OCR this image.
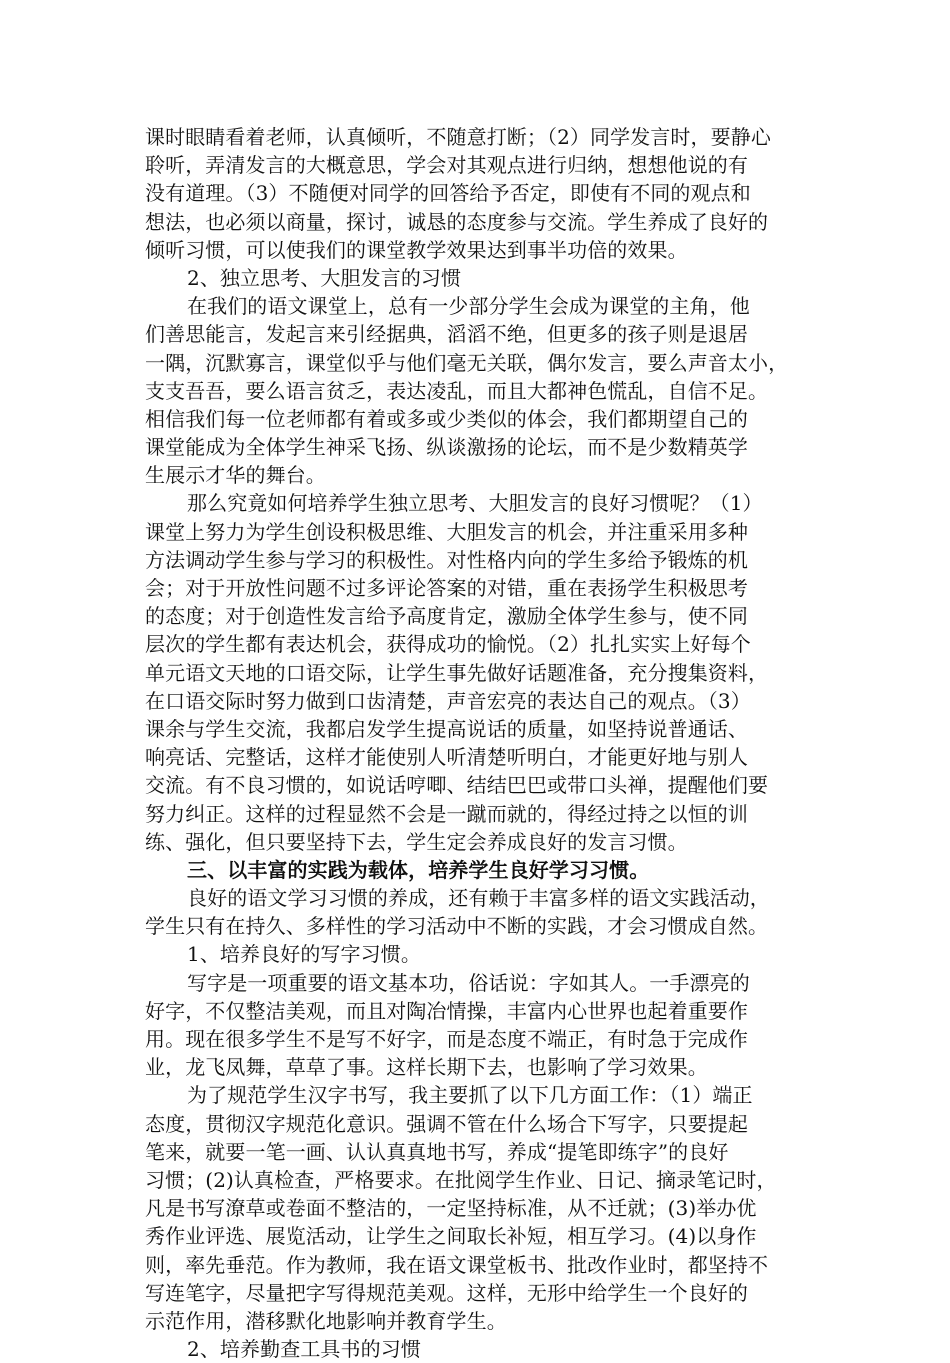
课时眼睛看着老师，认真倾听，不随意打断；（2）同学发言时，要静心
聆听，弄清发言的大概意思，学会对其观点进行归纳，想想他说的有
没有道理。（3）不随便对同学的回答给予否定，即使有不同的观点和
想法，也必须以商量，探讨，诚恳的态度参与交流。学生养成了良好的
倾听习惯，可以使我们的课堂教学效果达到事半功倍的效果。
2、独立思考、大胆发言的习惯
在我们的语文课堂上，总有一少部分学生会成为课堂的主角，他
们善思能言，发起言来引经据典，滔滔不绝，但更多的孩子则是退居
一隅，沉默寡言，课堂似乎与他们毫无关联，偶尔发言，要么声音太小，
支支吾吾，要么语言贫乏，表达凌乱，而且大都神色慌乱，自信不足。
相信我们每一位老师都有着或多或少类似的体会，我们都期望自己的
课堂能成为全体学生神采飞扬、纵谈激扬的论坛，而不是少数精英学
生展示才华的舞台。
那么究竟如何培养学生独立思考、大胆发言的良好习惯呢？（1）
课堂上努力为学生创设积极思维、大胆发言的机会，并注重采用多种
方法调动学生参与学习的积极性。对性格内向的学生多给予锻炼的机
会；对于开放性问题不过多评论答案的对错，重在表扬学生积极思考
的态度；对于创造性发言给予高度肯定，激励全体学生参与，使不同
层次的学生都有表达机会，获得成功的愉悦。（2）扎扎实实上好每个
单元语文天地的口语交际，让学生事先做好话题准备，充分搜集资料，
在口语交际时努力做到口齿清楚，声音宏亮的表达自己的观点。（3）
课余与学生交流，我都启发学生提高说话的质量，如坚持说普通话、
响亮话、完整话，这样才能使别人听清楚听明白，才能更好地与别人
交流。有不良习惯的，如说话哼唧、结结巴巴或带口头禅，提醒他们要
努力纠正。这样的过程显然不会是一蹴而就的，得经过持之以恒的训
练、强化，但只要坚持下去，学生定会养成良好的发言习惯。
三、以丰富的实践为载体，培养学生良好学习习惯。
良好的语文学习习惯的养成，还有赖于丰富多样的语文实践活动，
学生只有在持久、多样性的学习活动中不断的实践，才会习惯成自然。
1、培养良好的写字习惯。
写字是一项重要的语文基本功，俗话说：字如其人。一手漂亮的
好字，不仅整洁美观，而且对陶冶情操，丰富内心世界也起着重要作
用。现在很多学生不是写不好字，而是态度不端正，有时急于完成作
业，龙飞凤舞，草草了事。这样长期下去，也影响了学习效果。
为了规范学生汉字书写，我主要抓了以下几方面工作：（1）端正
态度，贯彻汉字规范化意识。强调不管在什么场合下写字，只要提起
笔来，就要一笔一画、认认真真地书写，养成“提笔即练字”的良好
习惯；(2)认真检查，严格要求。在批阅学生作业、日记、摘录笔记时，
凡是书写潦草或卷面不整洁的，一定坚持标准，从不迁就；(3)举办优
秀作业评选、展览活动，让学生之间取长补短，相互学习。(4)以身作
则，率先垂范。作为教师，我在语文课堂板书、批改作业时，都坚持不
写连笔字，尽量把字写得规范美观。这样，无形中给学生一个良好的
示范作用，潜移默化地影响并教育学生。
2、培养勤查工具书的习惯
